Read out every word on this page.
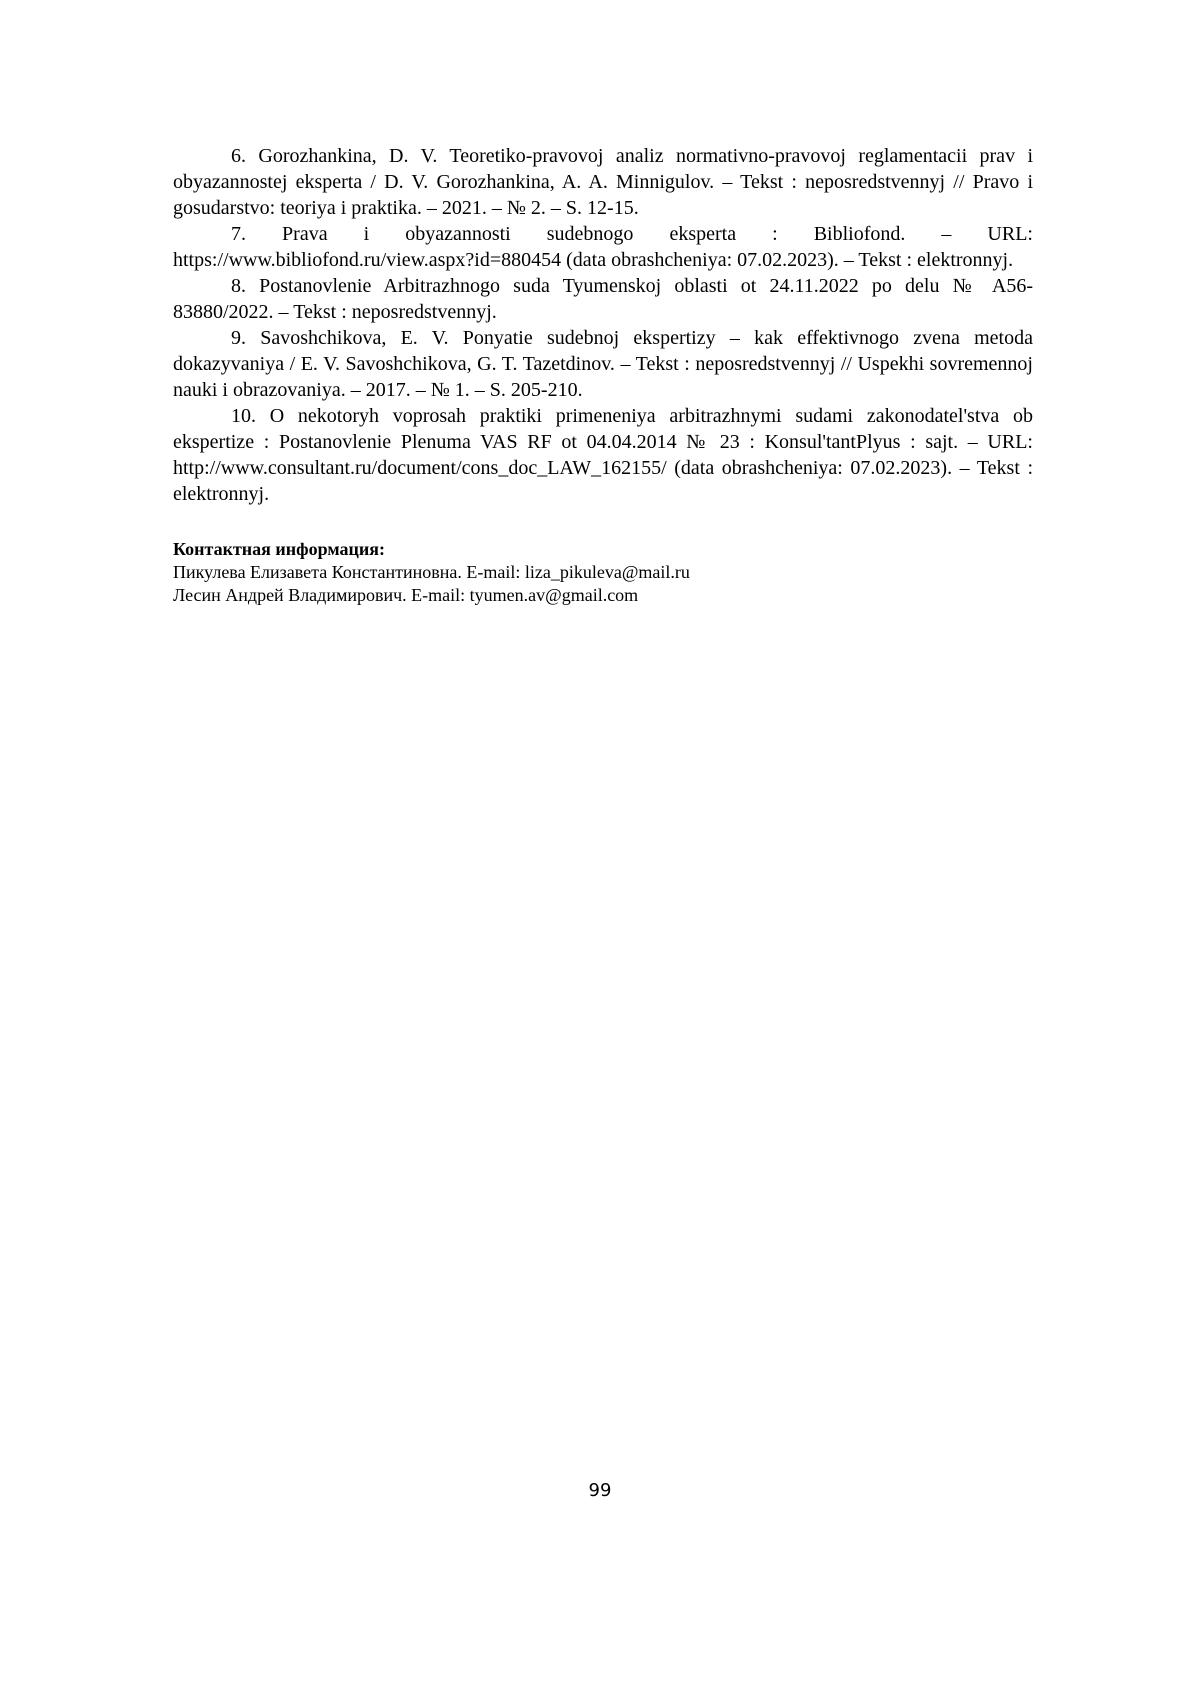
6. Gorozhankina, D. V. Teoretiko-pravovoj analiz normativno-pravovoj reglamentacii prav i obyazannostej eksperta / D. V. Gorozhankina, A. A. Minnigulov. – Tekst : neposredstvennyj // Pravo i gosudarstvo: teoriya i praktika. – 2021. – № 2. – S. 12-15.

7. Prava i obyazannosti sudebnogo eksperta : Bibliofond. – URL: https://www.bibliofond.ru/view.aspx?id=880454 (data obrashcheniya: 07.02.2023). – Tekst : elektronnyj.

8. Postanovlenie Arbitrazhnogo suda Tyumenskoj oblasti ot 24.11.2022 po delu № A56-83880/2022. – Tekst : neposredstvennyj.

9. Savoshchikova, E. V. Ponyatie sudebnoj ekspertizy – kak effektivnogo zvena metoda dokazyvaniya / E. V. Savoshchikova, G. T. Tazetdinov. – Tekst : neposredstvennyj // Uspekhi sovremennoj nauki i obrazovaniya. – 2017. – № 1. – S. 205-210.

10. O nekotoryh voprosah praktiki primeneniya arbitrazhnymi sudami zakonodatel'stva ob ekspertize : Postanovlenie Plenuma VAS RF ot 04.04.2014 № 23 : Konsul'tantPlyus : sajt. – URL: http://www.consultant.ru/document/cons_doc_LAW_162155/ (data obrashcheniya: 07.02.2023). – Tekst : elektronnyj.

Контактная информация:

Пикулева Елизавета Константиновна. E-mail: liza_pikuleva@mail.ru

Лесин Андрей Владимирович. E-mail: tyumen.av@gmail.com

99
